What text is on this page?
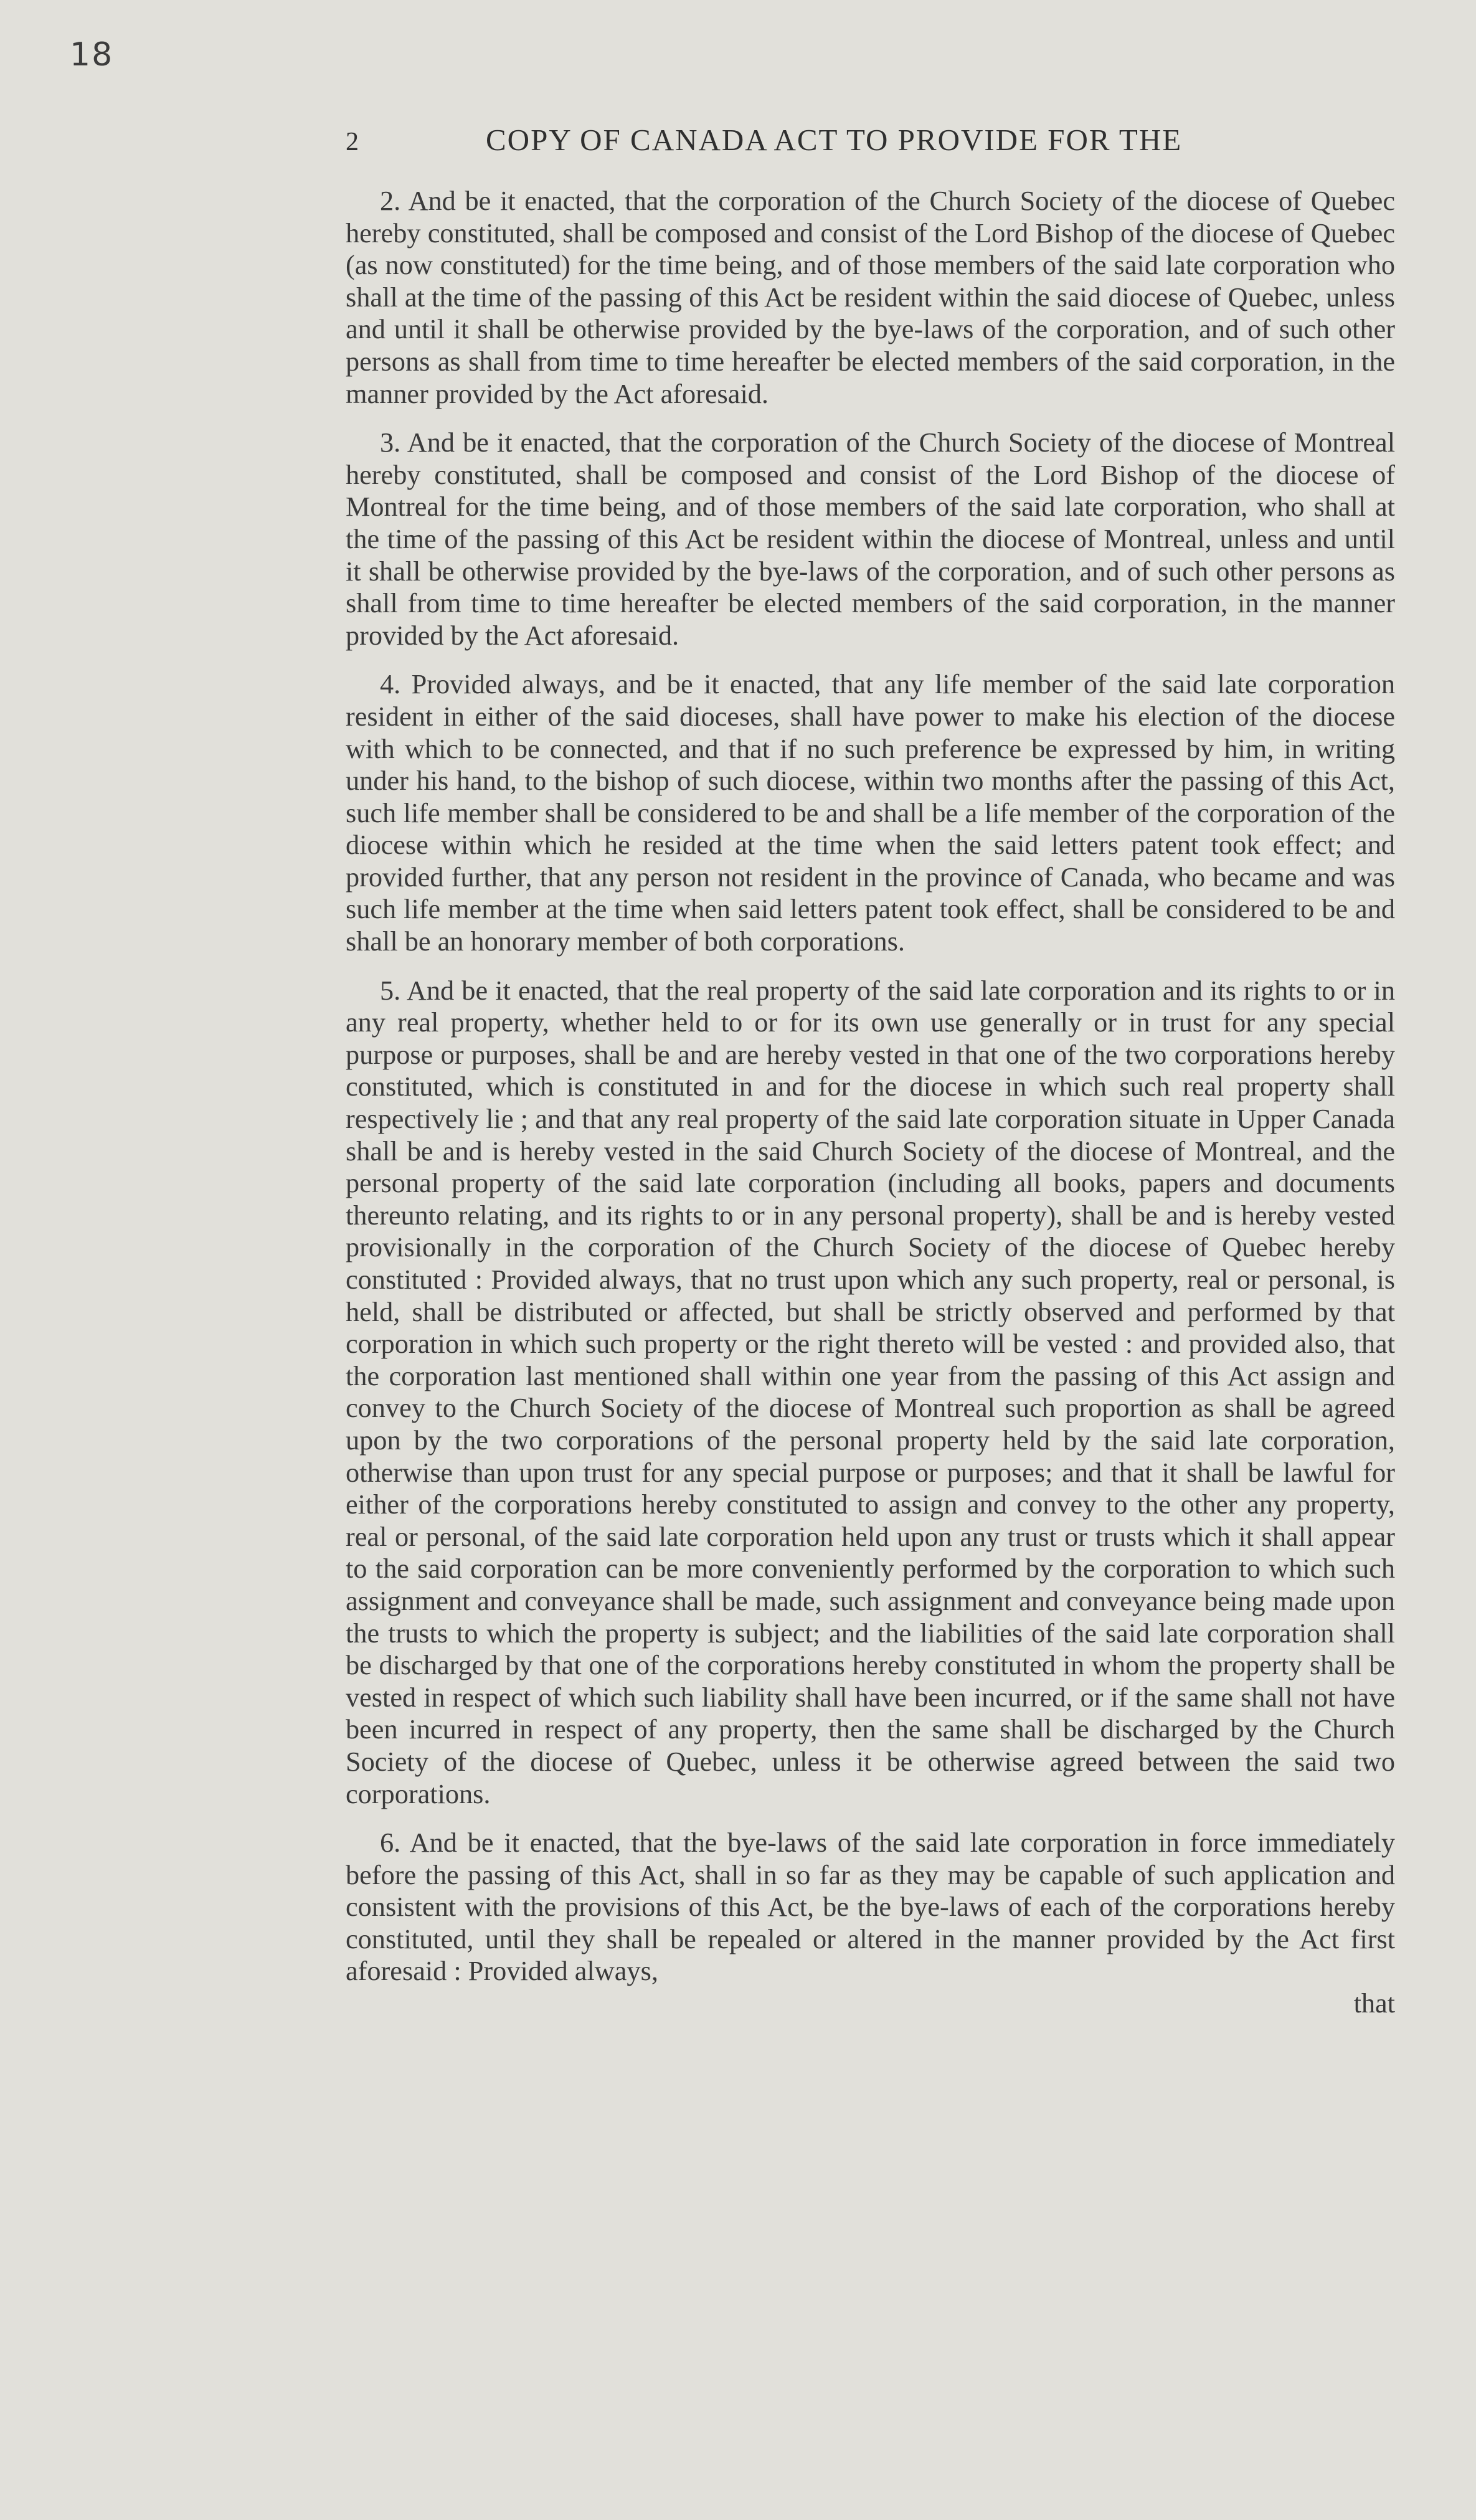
18
2	COPY OF CANADA ACT TO PROVIDE FOR THE

2. And be it enacted, that the corporation of the Church Society of the diocese of Quebec hereby constituted, shall be composed and consist of the Lord Bishop of the diocese of Quebec (as now constituted) for the time being, and of those members of the said late corporation who shall at the time of the passing of this Act be resident within the said diocese of Quebec, unless and until it shall be otherwise provided by the bye-laws of the corporation, and of such other persons as shall from time to time hereafter be elected members of the said corporation, in the manner provided by the Act aforesaid.

3. And be it enacted, that the corporation of the Church Society of the diocese of Montreal hereby constituted, shall be composed and consist of the Lord Bishop of the diocese of Montreal for the time being, and of those members of the said late corporation, who shall at the time of the passing of this Act be resident within the diocese of Montreal, unless and until it shall be otherwise provided by the bye-laws of the corporation, and of such other persons as shall from time to time hereafter be elected members of the said corporation, in the manner provided by the Act aforesaid.

4. Provided always, and be it enacted, that any life member of the said late corporation resident in either of the said dioceses, shall have power to make his election of the diocese with which to be connected, and that if no such preference be expressed by him, in writing under his hand, to the bishop of such diocese, within two months after the passing of this Act, such life member shall be considered to be and shall be a life member of the corporation of the diocese within which he resided at the time when the said letters patent took effect; and provided further, that any person not resident in the province of Canada, who became and was such life member at the time when said letters patent took effect, shall be considered to be and shall be an honorary member of both corporations.

5. And be it enacted, that the real property of the said late corporation and its rights to or in any real property, whether held to or for its own use generally or in trust for any special purpose or purposes, shall be and are hereby vested in that one of the two corporations hereby constituted, which is constituted in and for the diocese in which such real property shall respectively lie ; and that any real property of the said late corporation situate in Upper Canada shall be and is hereby vested in the said Church Society of the diocese of Montreal, and the personal property of the said late corporation (including all books, papers and documents thereunto relating, and its rights to or in any personal property), shall be and is hereby vested provisionally in the corporation of the Church Society of the diocese of Quebec hereby constituted : Provided always, that no trust upon which any such property, real or personal, is held, shall be distributed or affected, but shall be strictly observed and performed by that corporation in which such property or the right thereto will be vested : and provided also, that the corporation last mentioned shall within one year from the passing of this Act assign and convey to the Church Society of the diocese of Montreal such proportion as shall be agreed upon by the two corporations of the personal property held by the said late corporation, otherwise than upon trust for any special purpose or purposes; and that it shall be lawful for either of the corporations hereby constituted to assign and convey to the other any property, real or personal, of the said late corporation held upon any trust or trusts which it shall appear to the said corporation can be more conveniently performed by the corporation to which such assignment and conveyance shall be made, such assignment and conveyance being made upon the trusts to which the property is subject; and the liabilities of the said late corporation shall be discharged by that one of the corporations hereby constituted in whom the property shall be vested in respect of which such liability shall have been incurred, or if the same shall not have been incurred in respect of any property, then the same shall be discharged by the Church Society of the diocese of Quebec, unless it be otherwise agreed between the said two corporations.

6. And be it enacted, that the bye-laws of the said late corporation in force immediately before the passing of this Act, shall in so far as they may be capable of such application and consistent with the provisions of this Act, be the bye-laws of each of the corporations hereby constituted, until they shall be repealed or altered in the manner provided by the Act first aforesaid : Provided always,

that
